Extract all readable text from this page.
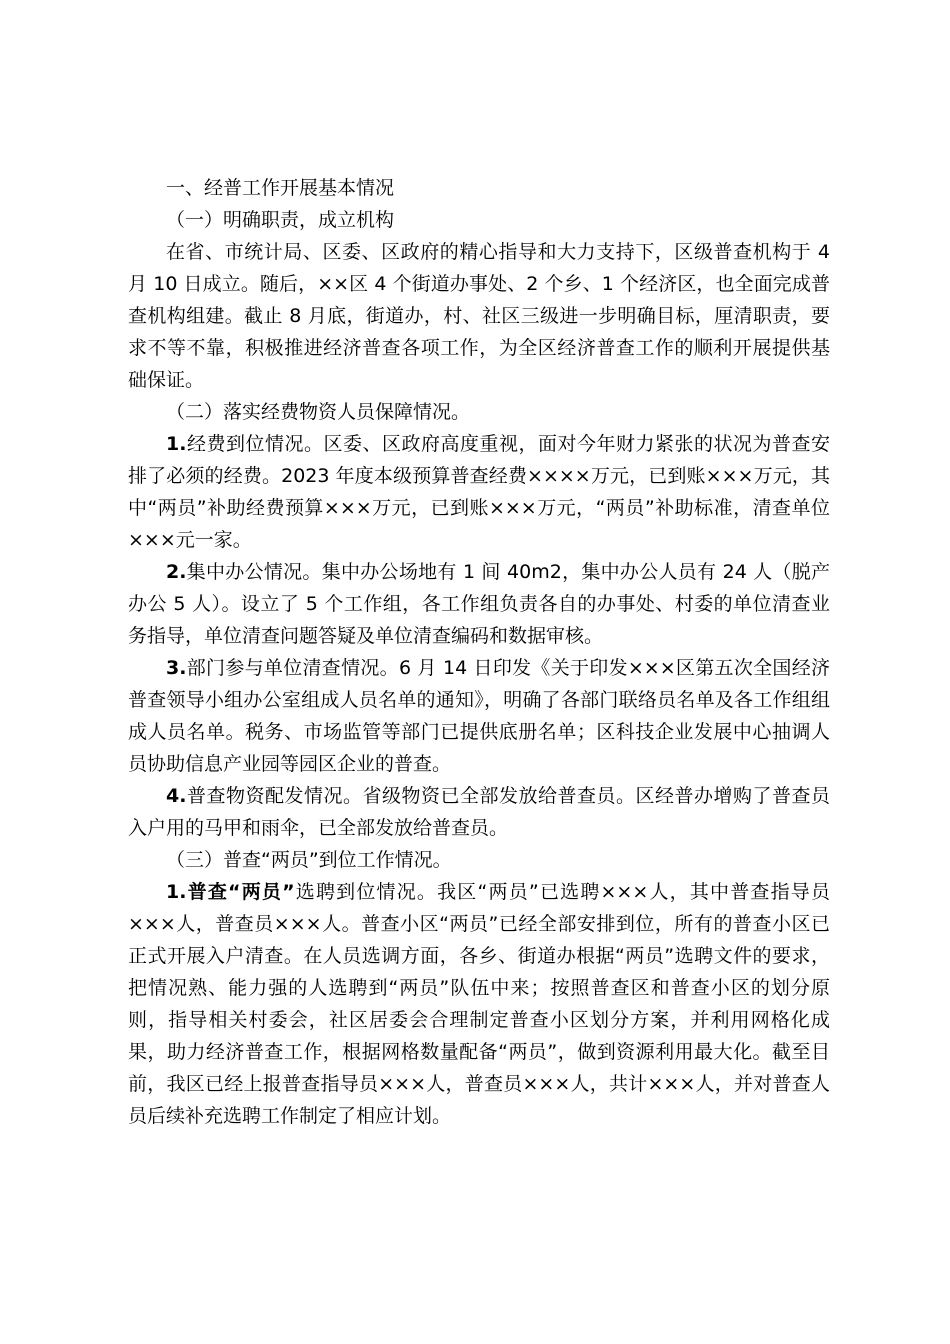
一、经普工作开展基本情况

（一）明确职责，成立机构

在省、市统计局、区委、区政府的精心指导和大力支持下，区级普查机构于 4 月 10 日成立。随后，××区 4 个街道办事处、2 个乡、1 个经济区，也全面完成普查机构组建。截止 8 月底，街道办，村、社区三级进一步明确目标，厘清职责，要求不等不靠，积极推进经济普查各项工作，为全区经济普查工作的顺利开展提供基础保证。

（二）落实经费物资人员保障情况。

1.经费到位情况。区委、区政府高度重视，面对今年财力紧张的状况为普查安排了必须的经费。2023 年度本级预算普查经费××××万元，已到账×××万元，其中“两员”补助经费预算×××万元，已到账×××万元，“两员”补助标准，清查单位×××元一家。

2.集中办公情况。集中办公场地有 1 间 40m2，集中办公人员有 24 人（脱产办公 5 人）。设立了 5 个工作组，各工作组负责各自的办事处、村委的单位清查业务指导，单位清查问题答疑及单位清查编码和数据审核。

3.部门参与单位清查情况。6 月 14 日印发《关于印发×××区第五次全国经济普查领导小组办公室组成人员名单的通知》，明确了各部门联络员名单及各工作组组成人员名单。税务、市场监管等部门已提供底册名单；区科技企业发展中心抽调人员协助信息产业园等园区企业的普查。

4.普查物资配发情况。省级物资已全部发放给普查员。区经普办增购了普查员入户用的马甲和雨伞，已全部发放给普查员。

（三）普查“两员”到位工作情况。

1.普查“两员”选聘到位情况。我区“两员”已选聘×××人，其中普查指导员×××人，普查员×××人。普查小区“两员”已经全部安排到位，所有的普查小区已正式开展入户清查。在人员选调方面，各乡、街道办根据“两员”选聘文件的要求，把情况熟、能力强的人选聘到“两员”队伍中来；按照普查区和普查小区的划分原则，指导相关村委会，社区居委会合理制定普查小区划分方案，并利用网格化成果，助力经济普查工作，根据网格数量配备“两员”，做到资源利用最大化。截至目前，我区已经上报普查指导员×××人，普查员×××人，共计×××人，并对普查人员后续补充选聘工作制定了相应计划。
